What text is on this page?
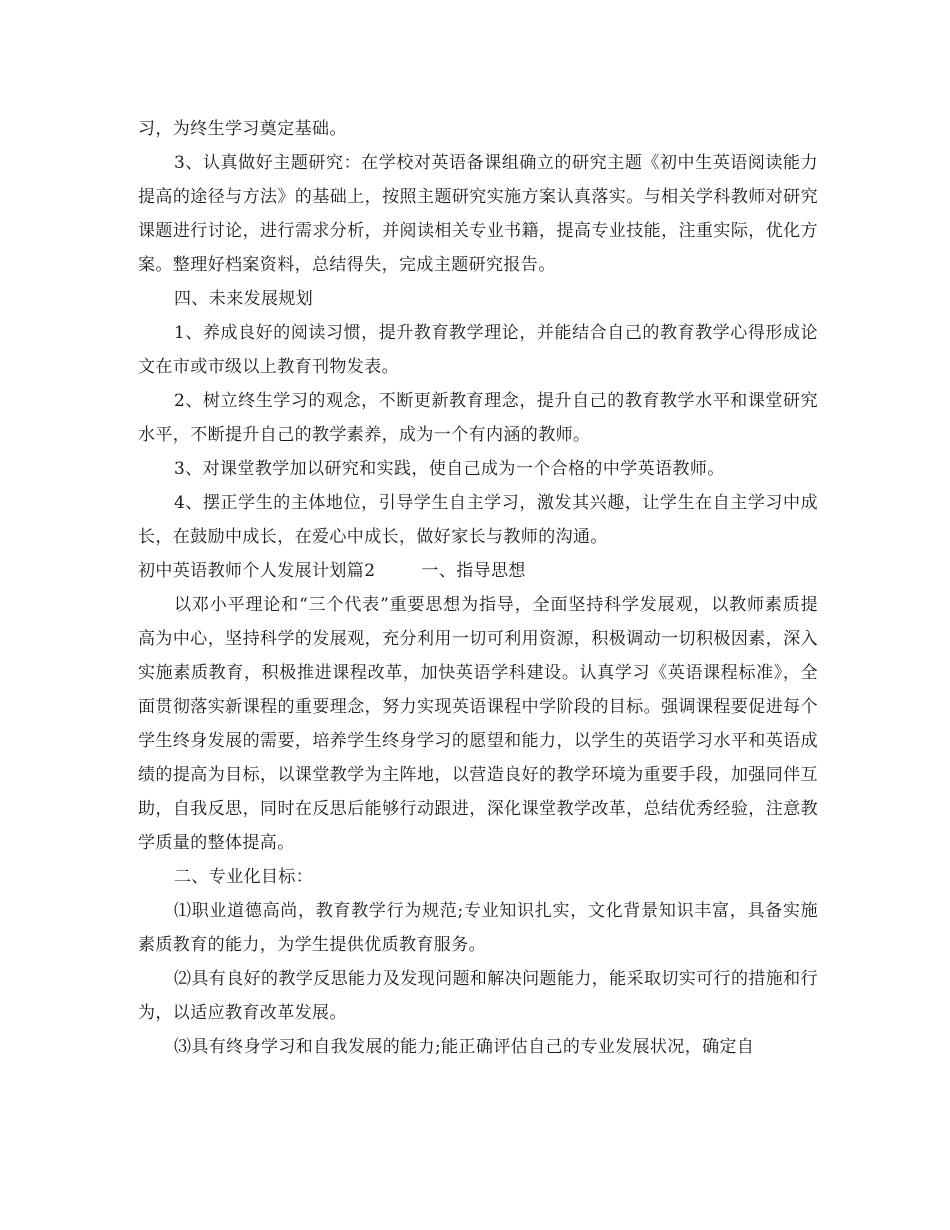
习，为终生学习奠定基础。

3、认真做好主题研究：在学校对英语备课组确立的研究主题《初中生英语阅读能力提高的途径与方法》的基础上，按照主题研究实施方案认真落实。与相关学科教师对研究课题进行讨论，进行需求分析，并阅读相关专业书籍，提高专业技能，注重实际，优化方案。整理好档案资料，总结得失，完成主题研究报告。

四、未来发展规划

1、养成良好的阅读习惯，提升教育教学理论，并能结合自己的教育教学心得形成论文在市或市级以上教育刊物发表。

2、树立终生学习的观念，不断更新教育理念，提升自己的教育教学水平和课堂研究水平，不断提升自己的教学素养，成为一个有内涵的教师。

3、对课堂教学加以研究和实践，使自己成为一个合格的中学英语教师。

4、摆正学生的主体地位，引导学生自主学习，激发其兴趣，让学生在自主学习中成长，在鼓励中成长，在爱心中成长，做好家长与教师的沟通。

初中英语教师个人发展计划篇2	一、指导思想

以邓小平理论和“三个代表”重要思想为指导，全面坚持科学发展观，以教师素质提高为中心，坚持科学的发展观，充分利用一切可利用资源，积极调动一切积极因素，深入实施素质教育，积极推进课程改革，加快英语学科建设。认真学习《英语课程标准》，全面贯彻落实新课程的重要理念，努力实现英语课程中学阶段的目标。强调课程要促进每个学生终身发展的需要，培养学生终身学习的愿望和能力，以学生的英语学习水平和英语成绩的提高为目标，以课堂教学为主阵地，以营造良好的教学环境为重要手段，加强同伴互助，自我反思，同时在反思后能够行动跟进，深化课堂教学改革，总结优秀经验，注意教学质量的整体提高。

二、专业化目标：

⑴职业道德高尚，教育教学行为规范;专业知识扎实，文化背景知识丰富，具备实施素质教育的能力，为学生提供优质教育服务。

⑵具有良好的教学反思能力及发现问题和解决问题能力，能采取切实可行的措施和行为，以适应教育改革发展。

⑶具有终身学习和自我发展的能力;能正确评估自己的专业发展状况，确定自
